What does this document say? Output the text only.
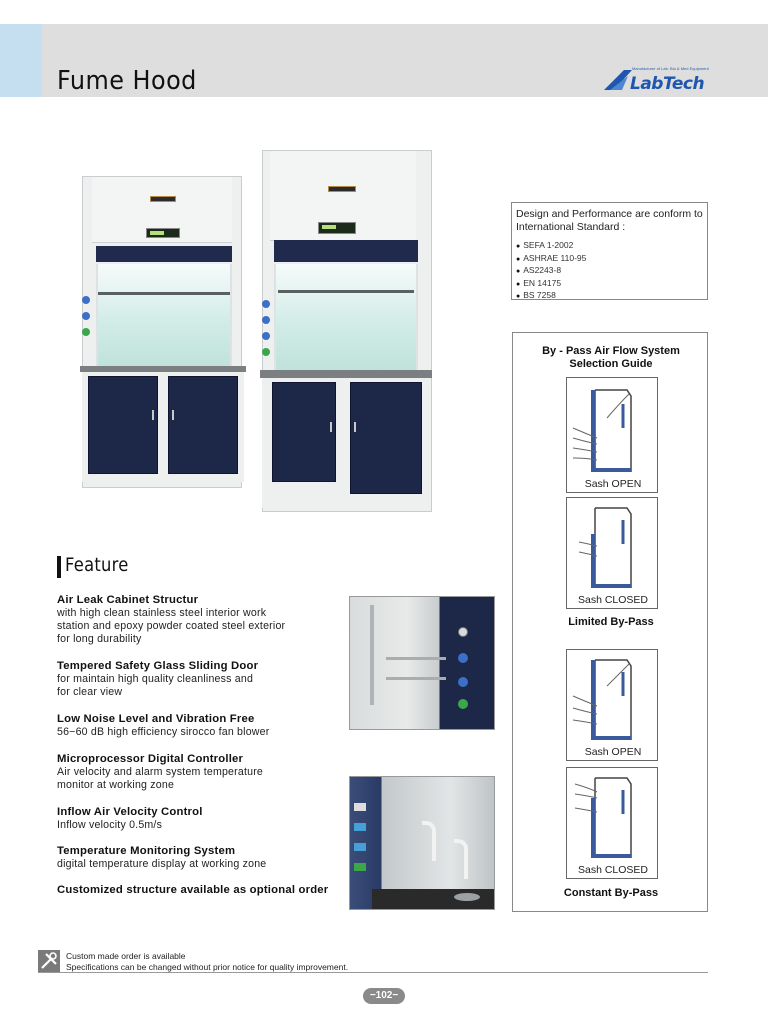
Fume Hood	Manufacturer of Lab. Bio & Med Equipment
LabTech
Design and Performance are conform to International Standard :
● SEFA 1-2002
● ASHRAE 110-95
● AS2243-8
● EN 14175
● BS 7258
By - Pass Air Flow System Selection Guide
Sash OPEN
Sash CLOSED
Limited By-Pass
Sash OPEN
Sash CLOSED
Constant By-Pass
Feature
Air Leak Cabinet Structur
with high clean stainless steel interior work
station and epoxy powder coated steel exterior
for long durability
Tempered Safety Glass Sliding Door
for maintain high quality cleanliness and
for clear view
Low Noise Level and Vibration Free
56−60 dB high efficiency sirocco fan blower
Microprocessor Digital Controller
Air velocity and alarm system temperature
monitor at working zone
Inflow Air Velocity Control
Inflow velocity 0.5m/s
Temperature Monitoring System
digital temperature display at working zone
Customized structure available as optional order
Custom made order is available
Specifications can be changed without prior notice for quality improvement.
−102−
